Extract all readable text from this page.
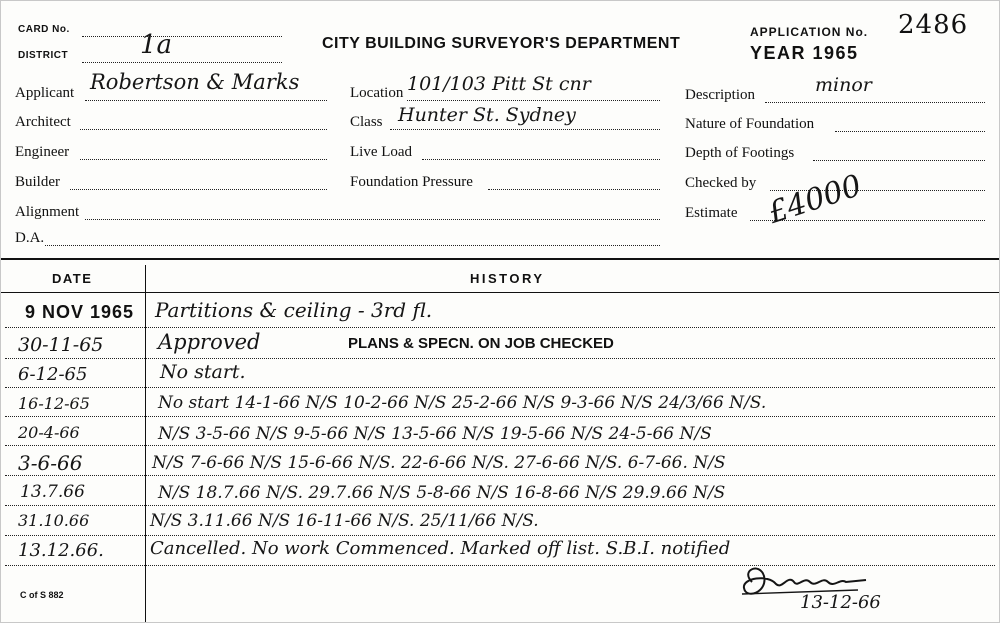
CARD No.
DISTRICT	1a	CITY BUILDING SURVEYOR'S DEPARTMENT
APPLICATION No. 2486
YEAR 1965
Applicant Robertson & Marks
Architect
Engineer
Builder
Alignment
D.A.
Location 101/103 Pitt St cnr
Class Hunter St. Sydney
Live Load
Foundation Pressure
Description	minor
Nature of Foundation
Depth of Footings
Checked by
Estimate £4000
DATE	HISTORY
9 NOV 1965 Partitions & ceiling - 3rd fl.
30-11-65	Approved	PLANS & SPECN. ON JOB CHECKED
6-12-65	No start.
16-12-65	No start 14-1-66 N/S 10-2-66 N/S 25-2-66 N/S 9-3-66 N/S 24/3/66 N/S.
20-4-66	N/S 3-5-66 N/S 9-5-66 N/S 13-5-66 N/S 19-5-66 N/S 24-5-66 N/S
3-6-66	N/S 7-6-66 N/S 15-6-66 N/S. 22-6-66 N/S. 27-6-66 N/S. 6-7-66. N/S
13.7.66	N/S 18.7.66 N/S. 29.7.66 N/S 5-8-66 N/S 16-8-66 N/S 29.9.66 N/S
31.10.66	N/S 3.11.66 N/S 16-11-66 N/S. 25/11/66 N/S.
13.12.66.	Cancelled. No work Commenced. Marked off list. S.B.I. notified
13-12-66
C of S 882
